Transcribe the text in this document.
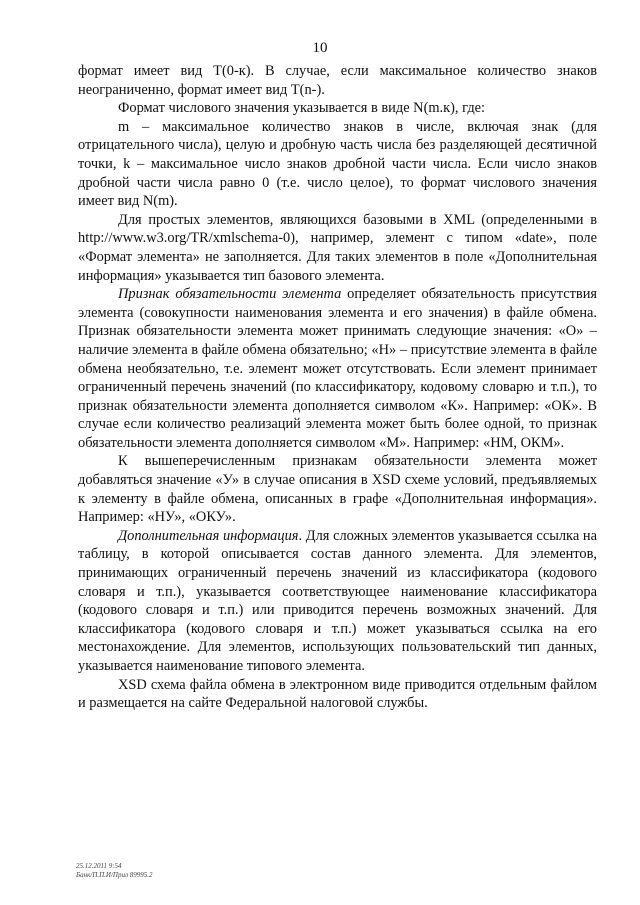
10

формат имеет вид T(0-к). В случае, если максимальное количество знаков неограниченно, формат имеет вид T(n-).

Формат числового значения указывается в виде N(m.к), где:

m – максимальное количество знаков в числе, включая знак (для отрицательного числа), целую и дробную часть числа без разделяющей десятичной точки, k – максимальное число знаков дробной части числа. Если число знаков дробной части числа равно 0 (т.е. число целое), то формат числового значения имеет вид N(m).

Для простых элементов, являющихся базовыми в XML (определенными в http://www.w3.org/TR/xmlschema-0), например, элемент с типом «date», поле «Формат элемента» не заполняется. Для таких элементов в поле «Дополнительная информация» указывается тип базового элемента.

Признак обязательности элемента определяет обязательность присутствия элемента (совокупности наименования элемента и его значения) в файле обмена. Признак обязательности элемента может принимать следующие значения: «О» – наличие элемента в файле обмена обязательно; «Н» – присутствие элемента в файле обмена необязательно, т.е. элемент может отсутствовать. Если элемент принимает ограниченный перечень значений (по классификатору, кодовому словарю и т.п.), то признак обязательности элемента дополняется символом «К». Например: «ОК». В случае если количество реализаций элемента может быть более одной, то признак обязательности элемента дополняется символом «М». Например: «НМ, ОКМ».

К вышеперечисленным признакам обязательности элемента может добавляться значение «У» в случае описания в XSD схеме условий, предъявляемых к элементу в файле обмена, описанных в графе «Дополнительная информация». Например: «НУ», «ОКУ».

Дополнительная информация. Для сложных элементов указывается ссылка на таблицу, в которой описывается состав данного элемента. Для элементов, принимающих ограниченный перечень значений из классификатора (кодового словаря и т.п.), указывается соответствующее наименование классификатора (кодового словаря и т.п.) или приводится перечень возможных значений. Для классификатора (кодового словаря и т.п.) может указываться ссылка на его местонахождение. Для элементов, использующих пользовательский тип данных, указывается наименование типового элемента.

XSD схема файла обмена в электронном виде приводится отдельным файлом и размещается на сайте Федеральной налоговой службы.

25.12.2011 9:54
Банк/П.П.И/Прил 89995.2
